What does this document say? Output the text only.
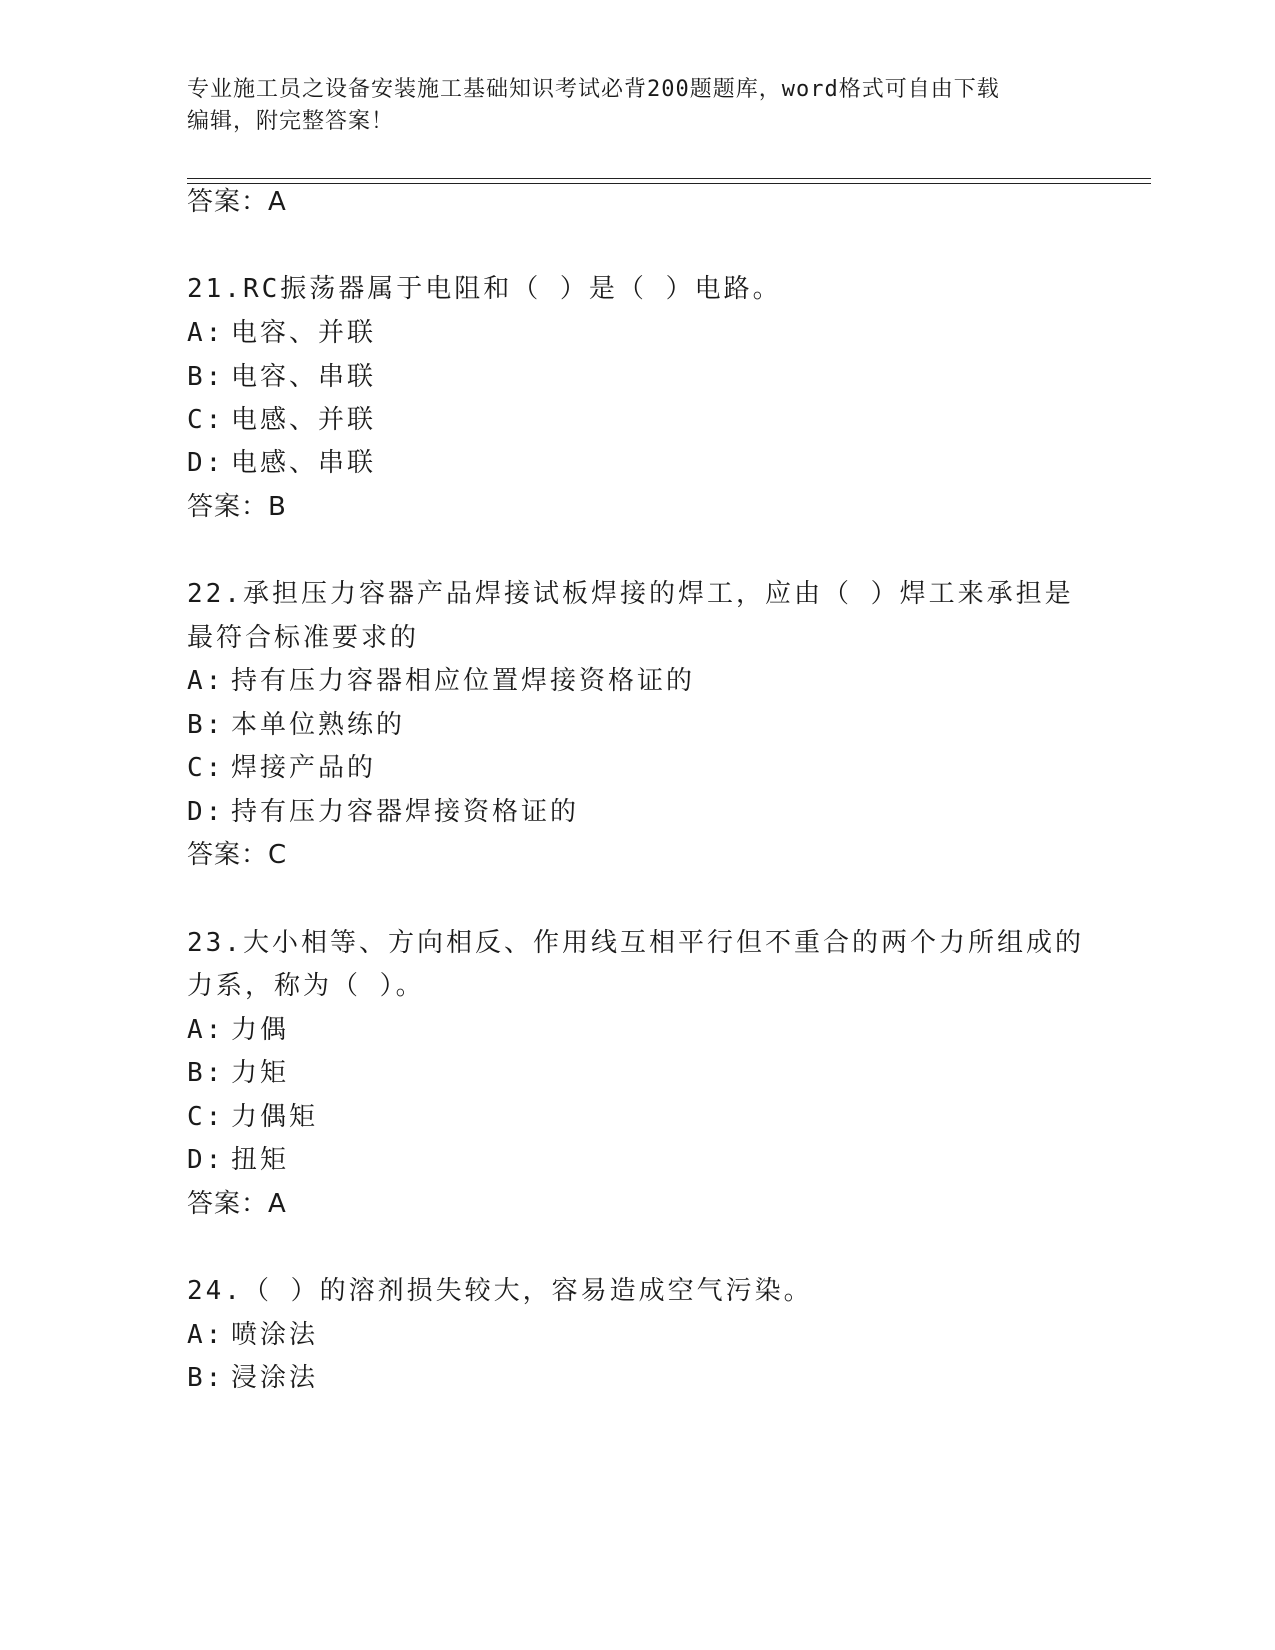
专业施工员之设备安装施工基础知识考试必背200题题库，word格式可自由下载
编辑，附完整答案！
答案：A
21.RC振荡器属于电阻和（ ）是（ ）电路。
A: 电容、并联
B: 电容、串联
C: 电感、并联
D: 电感、串联
答案：B
22.承担压力容器产品焊接试板焊接的焊工，应由（ ）焊工来承担是
最符合标准要求的
A: 持有压力容器相应位置焊接资格证的
B: 本单位熟练的
C: 焊接产品的
D: 持有压力容器焊接资格证的
答案：C
23.大小相等、方向相反、作用线互相平行但不重合的两个力所组成的
力系，称为（ ）。
A: 力偶
B: 力矩
C: 力偶矩
D: 扭矩
答案：A
24.（ ）的溶剂损失较大，容易造成空气污染。
A: 喷涂法
B: 浸涂法
